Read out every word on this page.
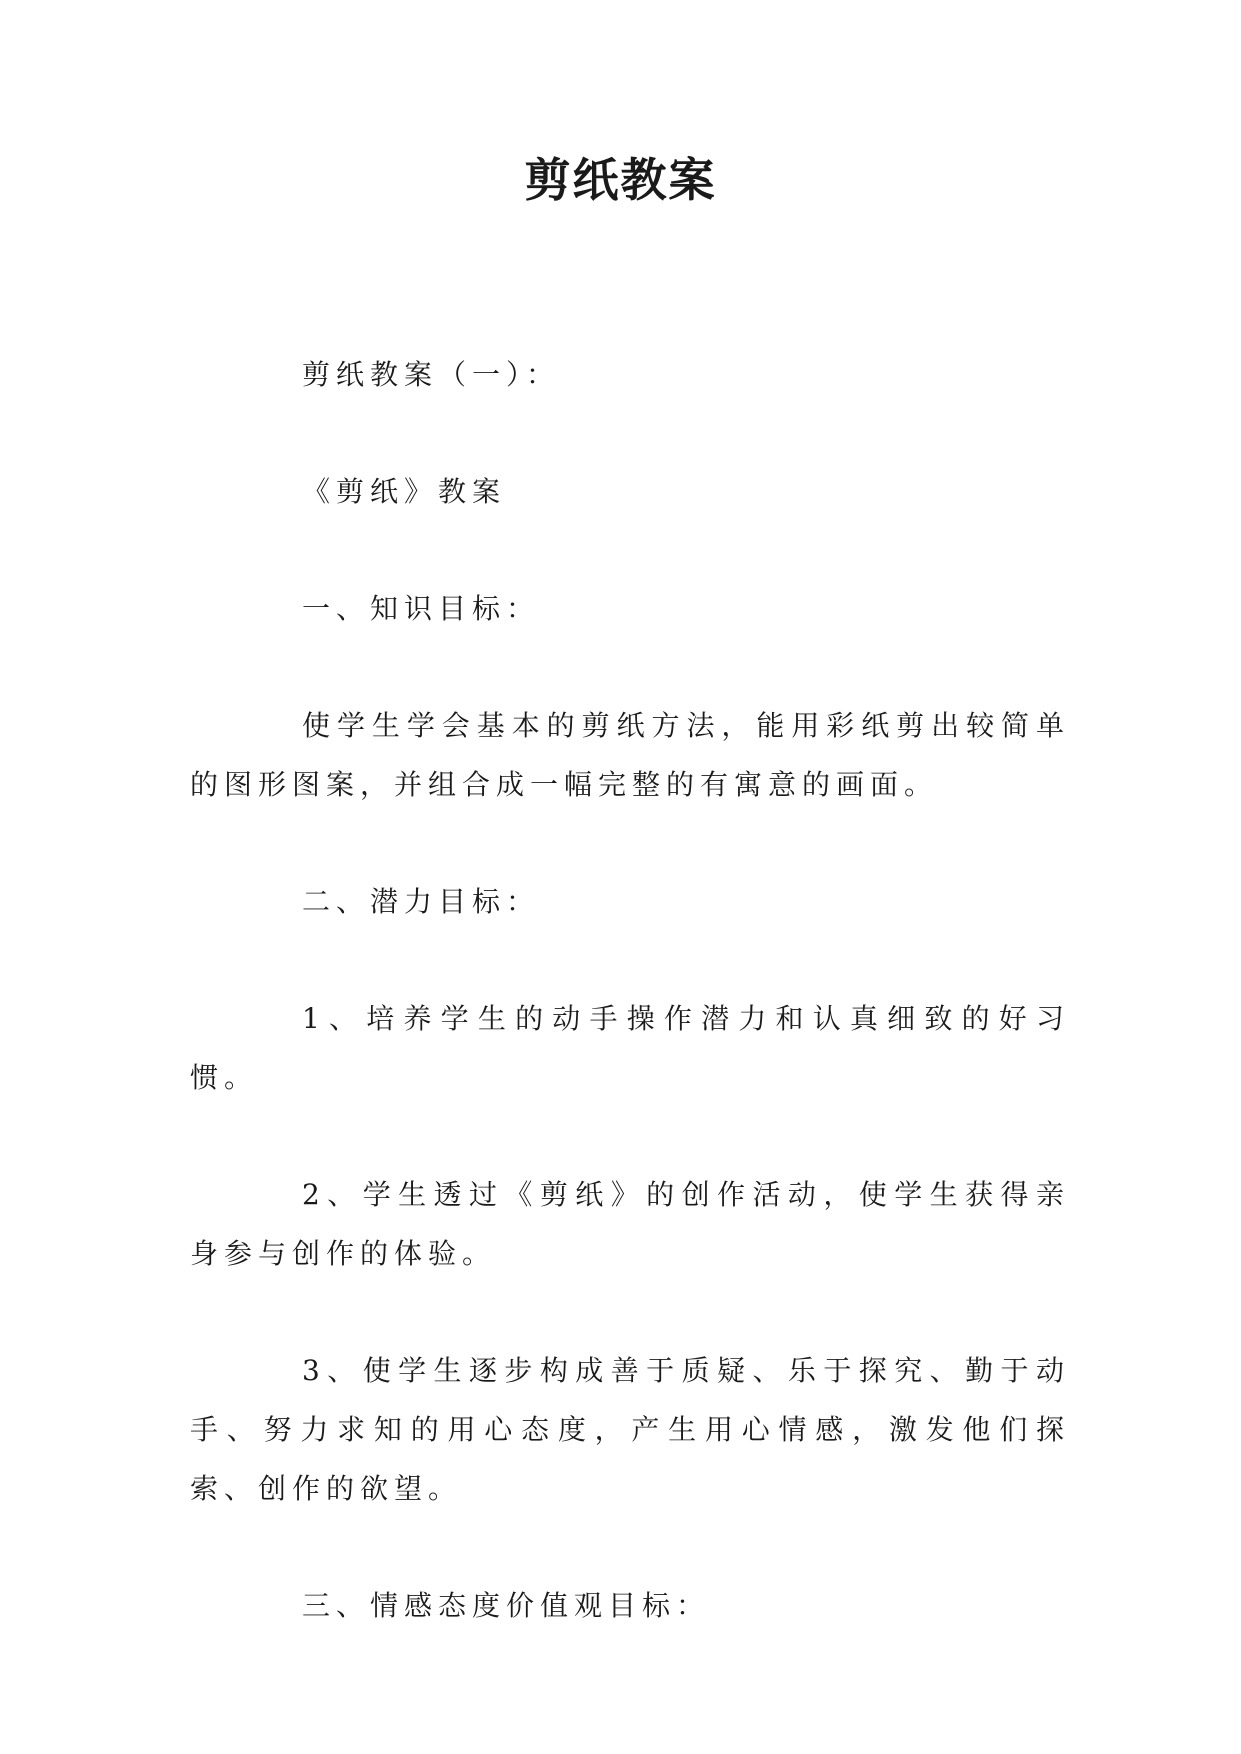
剪纸教案

剪纸教案（一）：

《剪纸》教案

一、知识目标：

使学生学会基本的剪纸方法，能用彩纸剪出较简单的图形图案，并组合成一幅完整的有寓意的画面。

二、潜力目标：

1、培养学生的动手操作潜力和认真细致的好习惯。

2、学生透过《剪纸》的创作活动，使学生获得亲身参与创作的体验。

3、使学生逐步构成善于质疑、乐于探究、勤于动手、努力求知的用心态度，产生用心情感，激发他们探索、创作的欲望。

三、情感态度价值观目标：
